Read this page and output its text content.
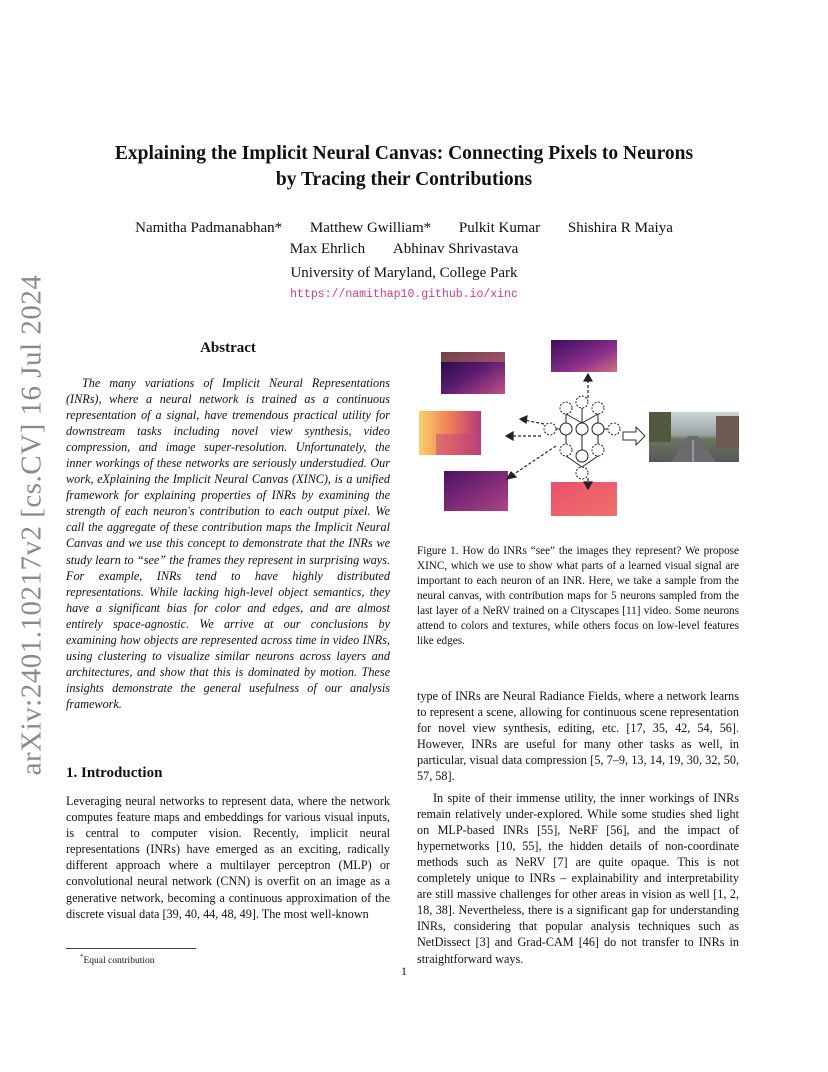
arXiv:2401.10217v2 [cs.CV] 16 Jul 2024
Explaining the Implicit Neural Canvas: Connecting Pixels to Neurons
by Tracing their Contributions
Namitha Padmanabhan* Matthew Gwilliam* Pulkit Kumar Shishira R Maiya
Max Ehrlich Abhinav Shrivastava
University of Maryland, College Park
https://namithap10.github.io/xinc
Abstract
The many variations of Implicit Neural Representations (INRs), where a neural network is trained as a continuous representation of a signal, have tremendous practical utility for downstream tasks including novel view synthesis, video compression, and image super-resolution. Unfortunately, the inner workings of these networks are seriously understudied. Our work, eXplaining the Implicit Neural Canvas (XINC), is a unified framework for explaining properties of INRs by examining the strength of each neuron's contribution to each output pixel. We call the aggregate of these contribution maps the Implicit Neural Canvas and we use this concept to demonstrate that the INRs we study learn to “see” the frames they represent in surprising ways. For example, INRs tend to have highly distributed representations. While lacking high-level object semantics, they have a significant bias for color and edges, and are almost entirely space-agnostic. We arrive at our conclusions by examining how objects are represented across time in video INRs, using clustering to visualize similar neurons across layers and architectures, and show that this is dominated by motion. These insights demonstrate the general usefulness of our analysis framework.
1. Introduction
Leveraging neural networks to represent data, where the network computes feature maps and embeddings for various visual inputs, is central to computer vision. Recently, implicit neural representations (INRs) have emerged as an exciting, radically different approach where a multilayer perceptron (MLP) or convolutional neural network (CNN) is overfit on an image as a generative network, becoming a continuous approximation of the discrete visual data [39, 40, 44, 48, 49]. The most well-known
*Equal contribution
Figure 1. How do INRs “see” the images they represent? We propose XINC, which we use to show what parts of a learned visual signal are important to each neuron of an INR. Here, we take a sample from the neural canvas, with contribution maps for 5 neurons sampled from the last layer of a NeRV trained on a Cityscapes [11] video. Some neurons attend to colors and textures, while others focus on low-level features like edges.

type of INRs are Neural Radiance Fields, where a network learns to represent a scene, allowing for continuous scene representation for novel view synthesis, editing, etc. [17, 35, 42, 54, 56]. However, INRs are useful for many other tasks as well, in particular, visual data compression [5, 7–9, 13, 14, 19, 30, 32, 50, 57, 58].

In spite of their immense utility, the inner workings of INRs remain relatively under-explored. While some studies shed light on MLP-based INRs [55], NeRF [56], and the impact of hypernetworks [10, 55], the hidden details of non-coordinate methods such as NeRV [7] are quite opaque. This is not completely unique to INRs – explainability and interpretability are still massive challenges for other areas in vision as well [1, 2, 18, 38]. Nevertheless, there is a significant gap for understanding INRs, considering that popular analysis techniques such as NetDissect [3] and Grad-CAM [46] do not transfer to INRs in straightforward ways.

1
